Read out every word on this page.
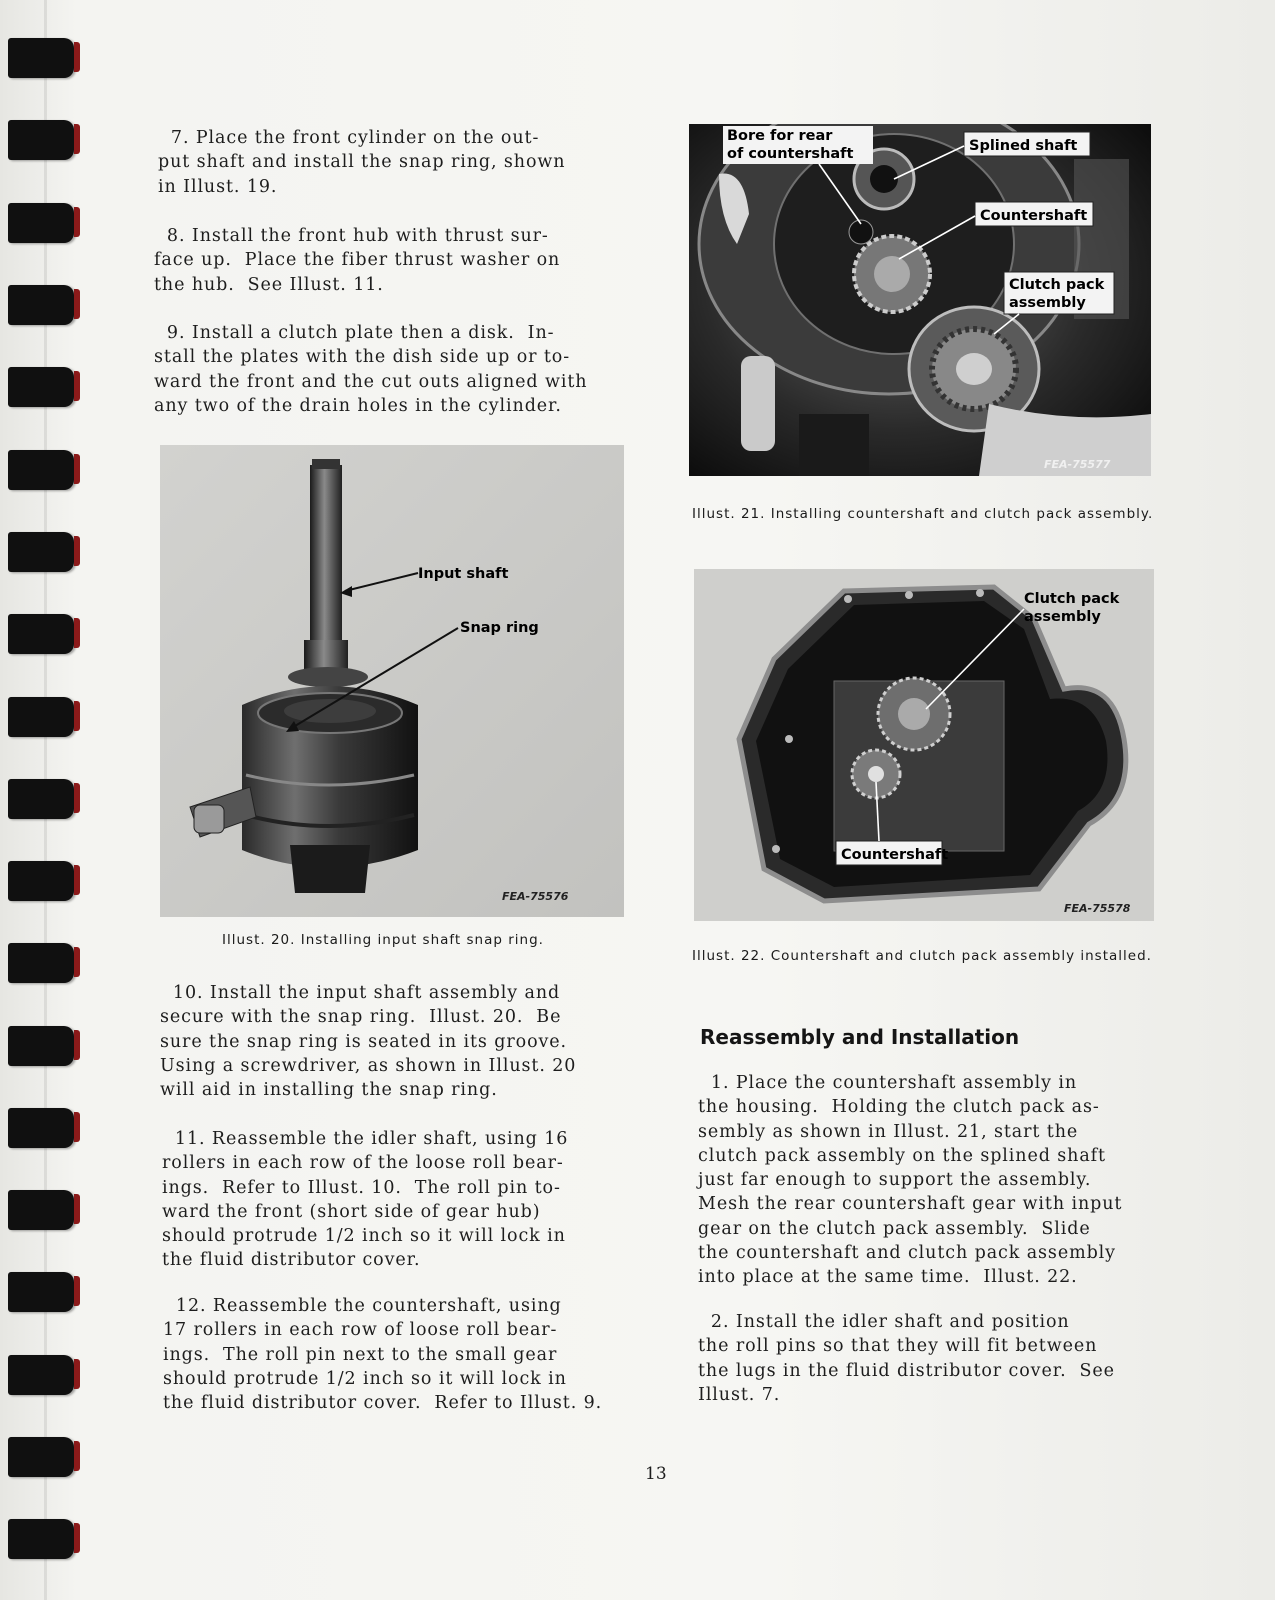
7. Place the front cylinder on the out-
put shaft and install the snap ring, shown
in Illust. 19.

8. Install the front hub with thrust sur-
face up.  Place the fiber thrust washer on
the hub.  See Illust. 11.

9. Install a clutch plate then a disk.  In-
stall the plates with the dish side up or to-
ward the front and the cut outs aligned with
any two of the drain holes in the cylinder.

Input shaft
Snap ring
FEA-75576
Illust. 20. Installing input shaft snap ring.

10. Install the input shaft assembly and
secure with the snap ring.  Illust. 20.  Be
sure the snap ring is seated in its groove.
Using a screwdriver, as shown in Illust. 20
will aid in installing the snap ring.

11. Reassemble the idler shaft, using 16
rollers in each row of the loose roll bear-
ings.  Refer to Illust. 10.  The roll pin to-
ward the front (short side of gear hub)
should protrude 1/2 inch so it will lock in
the fluid distributor cover.

12. Reassemble the countershaft, using
17 rollers in each row of loose roll bear-
ings.  The roll pin next to the small gear
should protrude 1/2 inch so it will lock in
the fluid distributor cover.  Refer to Illust. 9.

Bore for rear
of countershaft	Splined shaft
Countershaft
Clutch pack
assembly
FEA-75577
Illust. 21. Installing countershaft and clutch pack assembly.
Clutch pack
assembly
Countershaft
FEA-75578
Illust. 22. Countershaft and clutch pack assembly installed.
Reassembly and Installation

1. Place the countershaft assembly in
the housing.  Holding the clutch pack as-
sembly as shown in Illust. 21, start the
clutch pack assembly on the splined shaft
just far enough to support the assembly.
Mesh the rear countershaft gear with input
gear on the clutch pack assembly.  Slide
the countershaft and clutch pack assembly
into place at the same time.  Illust. 22.

2. Install the idler shaft and position
the roll pins so that they will fit between
the lugs in the fluid distributor cover.  See
Illust. 7.

13
